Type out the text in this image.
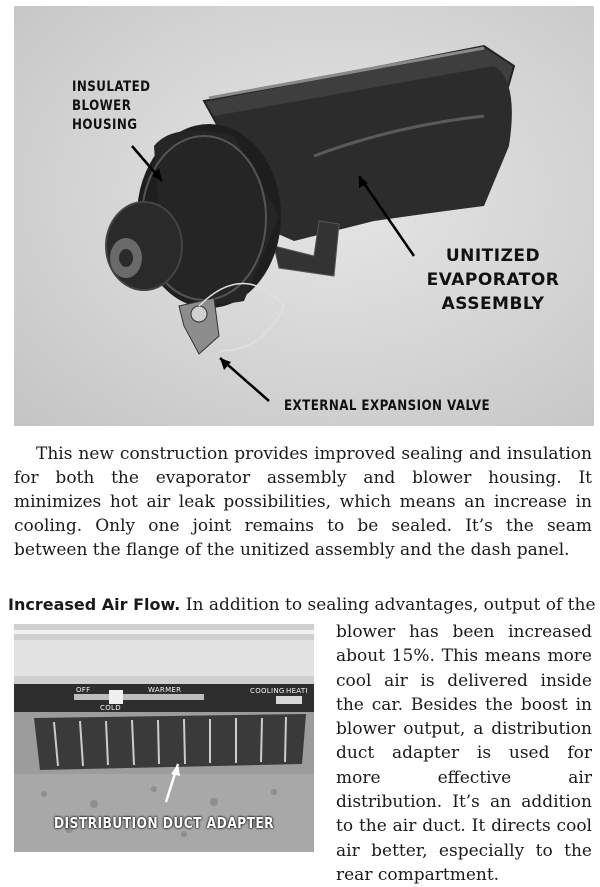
INSULATED
BLOWER
HOUSING
UNITIZED
EVAPORATOR
ASSEMBLY
EXTERNAL EXPANSION VALVE

This new construction provides improved sealing and insulation for both the evaporator assembly and blower housing. It minimizes hot air leak possibilities, which means an increase in cooling. Only one joint remains to be sealed. It’s the seam between the flange of the unitized assembly and the dash panel.

Increased Air Flow. In addition to sealing advantages, output of the

blower has been increased about 15%. This means more cool air is delivered inside the car. Besides the boost in blower output, a distribution duct adapter is used for more effective air distribution. It’s an addition to the air duct. It directs cool air better, especially to the rear compartment.

OFF
COLD
WARMER	COOLING HEATI
DISTRIBUTION DUCT ADAPTER
